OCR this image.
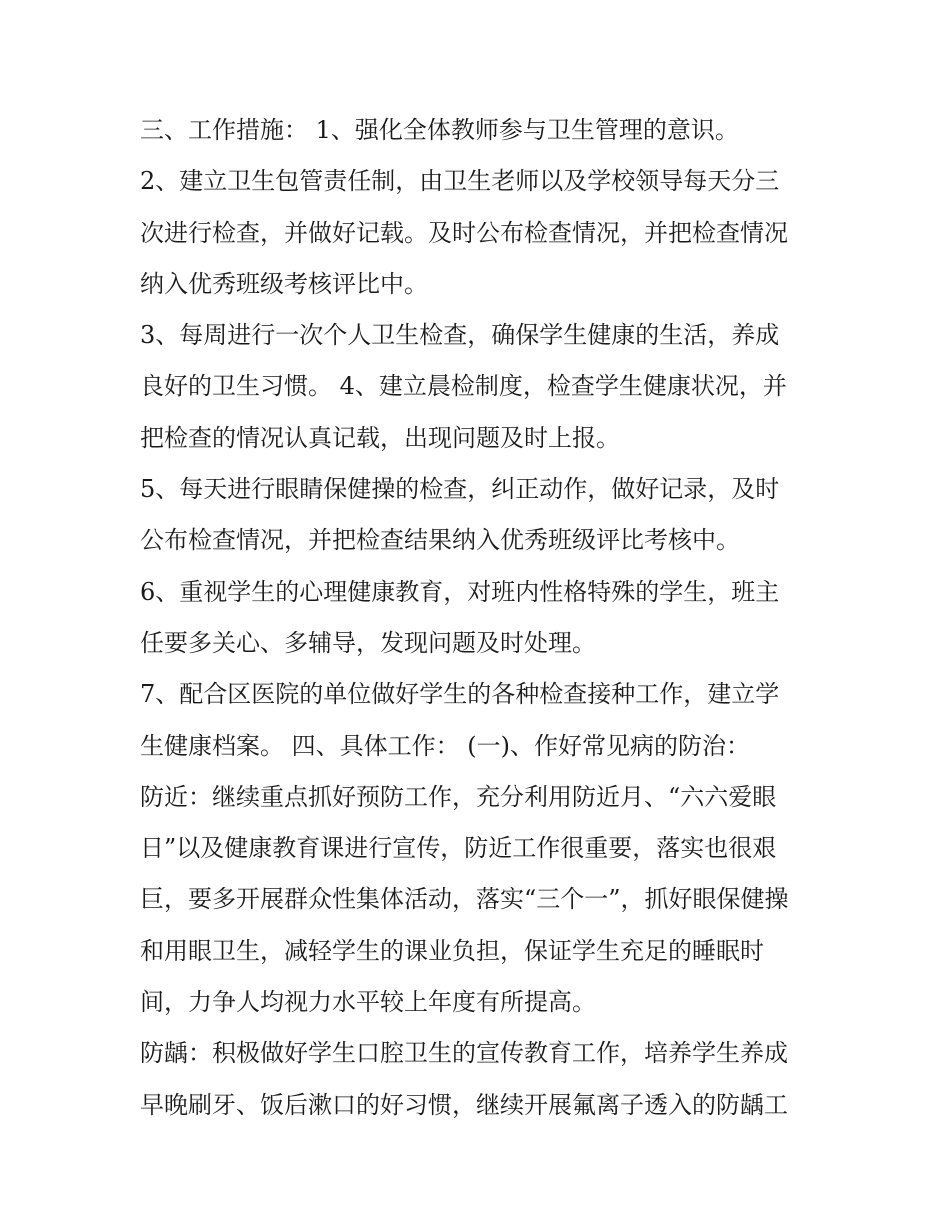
三、工作措施： 1、强化全体教师参与卫生管理的意识。
2、建立卫生包管责任制，由卫生老师以及学校领导每天分三
次进行检查，并做好记载。及时公布检查情况，并把检查情况
纳入优秀班级考核评比中。
3、每周进行一次个人卫生检查，确保学生健康的生活，养成
良好的卫生习惯。 4、建立晨检制度，检查学生健康状况，并
把检查的情况认真记载，出现问题及时上报。
5、每天进行眼睛保健操的检查，纠正动作，做好记录，及时
公布检查情况，并把检查结果纳入优秀班级评比考核中。
6、重视学生的心理健康教育，对班内性格特殊的学生，班主
任要多关心、多辅导，发现问题及时处理。
7、配合区医院的单位做好学生的各种检查接种工作，建立学
生健康档案。 四、具体工作： (一)、作好常见病的防治：
防近：继续重点抓好预防工作，充分利用防近月、“六六爱眼
日”以及健康教育课进行宣传，防近工作很重要，落实也很艰
巨，要多开展群众性集体活动，落实“三个一”，抓好眼保健操
和用眼卫生，减轻学生的课业负担，保证学生充足的睡眠时
间，力争人均视力水平较上年度有所提高。
防龋：积极做好学生口腔卫生的宣传教育工作，培养学生养成
早晚刷牙、饭后漱口的好习惯，继续开展氟离子透入的防龋工
